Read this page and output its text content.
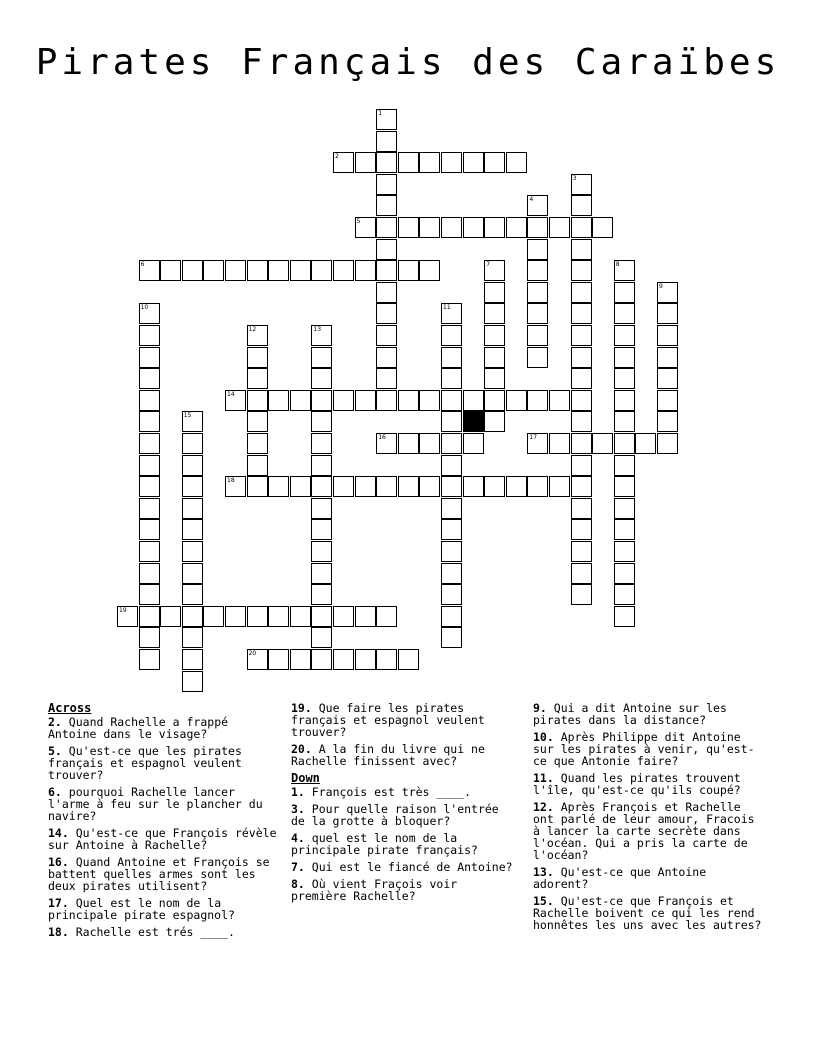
Pirates Français des Caraïbes
1
2
3
4
5
6	7	8
9
10	11
12	13
14
15
16	17
18
19
20
Across
2. Quand Rachelle a frappé Antoine dans le visage?
5. Qu'est-ce que les pirates français et espagnol veulent trouver?
6. pourquoi Rachelle lancer l'arme à feu sur le plancher du navire?
14. Qu'est-ce que François révèle sur Antoine à Rachelle?
16. Quand Antoine et François se battent quelles armes sont les deux pirates utilisent?
17. Quel est le nom de la principale pirate espagnol?
18. Rachelle est trés ____.
19. Que faire les pirates français et espagnol veulent trouver?
20. A la fin du livre qui ne Rachelle finissent avec?
Down
1. François est très ____.
3. Pour quelle raison l'entrée de la grotte à bloquer?
4. quel est le nom de la principale pirate français?
7. Qui est le fiancé de Antoine?
8. Où vient Fraçois voir première Rachelle?
9. Qui a dit Antoine sur les pirates dans la distance?
10. Après Philippe dit Antoine sur les pirates à venir, qu'est-ce que Antonie faire?
11. Quand les pirates trouvent l'île, qu'est-ce qu'ils coupé?
12. Après François et Rachelle ont parlé de leur amour, Fracois à lancer la carte secrète dans l'océan. Qui a pris la carte de l'océan?
13. Qu'est-ce que Antoine adorent?
15. Qu'est-ce que François et Rachelle boivent ce qui les rend honnêtes les uns avec les autres?
